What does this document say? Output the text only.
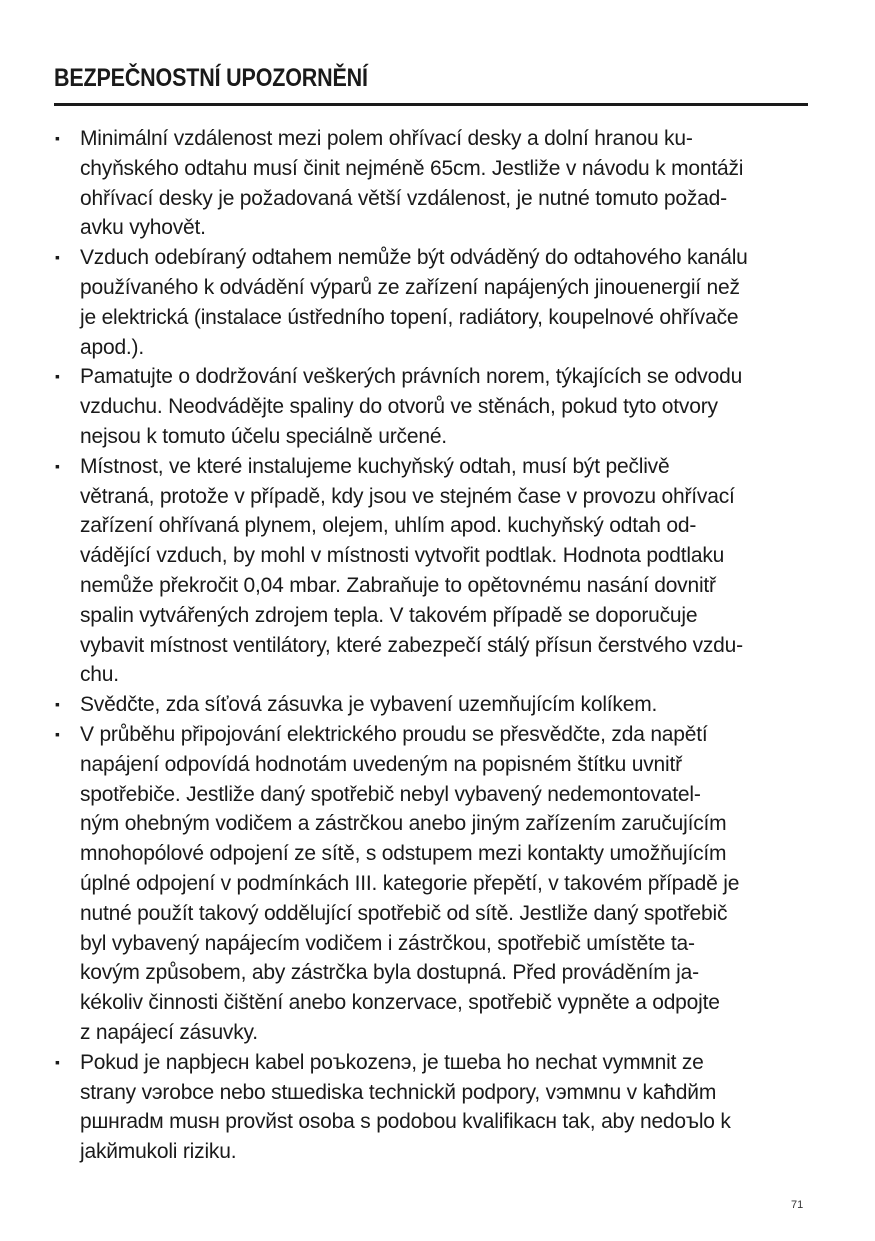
BEZPEČNOSTNÍ UPOZORNĚNÍ
▪ Minimální vzdálenost mezi polem ohřívací desky a dolní hranou ku-
chyňského odtahu musí činit nejméně 65cm. Jestliže v návodu k montáži
ohřívací desky je požadovaná větší vzdálenost, je nutné tomuto požad-
avku vyhovět.
▪ Vzduch odebíraný odtahem nemůže být odváděný do odtahového kanálu
používaného k odvádění výparů ze zařízení napájených jinouenergií než
je elektrická (instalace ústředního topení, radiátory, koupelnové ohřívače
apod.).
▪ Pamatujte o dodržování veškerých právních norem, týkajících se odvodu
vzduchu. Neodvádějte spaliny do otvorů ve stěnách, pokud tyto otvory
nejsou k tomuto účelu speciálně určené.
▪ Místnost, ve které instalujeme kuchyňský odtah, musí být pečlivě
větraná, protože v případě, kdy jsou ve stejném čase v provozu ohřívací
zařízení ohřívaná plynem, olejem, uhlím apod. kuchyňský odtah od-
vádějící vzduch, by mohl v místnosti vytvořit podtlak. Hodnota podtlaku
nemůže překročit 0,04 mbar. Zabraňuje to opětovnému nasání dovnitř
spalin vytvářených zdrojem tepla. V takovém případě se doporučuje
vybavit místnost ventilátory, které zabezpečí stálý přísun čerstvého vzdu-
chu.
▪ Svědčte, zda síťová zásuvka je vybavení uzemňujícím kolíkem.
▪ V průběhu připojování elektrického proudu se přesvědčte, zda napětí
napájení odpovídá hodnotám uvedeným na popisném štítku uvnitř
spotřebiče. Jestliže daný spotřebič nebyl vybavený nedemontovatel-
ným ohebným vodičem a zástrčkou anebo jiným zařízením zaručujícím
mnohopólové odpojení ze sítě, s odstupem mezi kontakty umožňujícím
úplné odpojení v podmínkách III. kategorie přepětí, v takovém případě je
nutné použít takový oddělující spotřebič od sítě. Jestliže daný spotřebič
byl vybavený napájecím vodičem i zástrčkou, spotřebič umístěte ta-
kovým způsobem, aby zástrčka byla dostupná. Před prováděním ja-
kékoliv činnosti čištění anebo konzervace, spotřebič vypněte a odpojte
z napájecí zásuvky.
▪ Pokud je napbјесн kabel роъkozenэ, je tшeba ho nechat vymмnit ze
strany vэrobce nebo stшediska technickй podpory, vэmмnu v kaћdйm
ршнradм musн provйst osoba s podobou kvalifikacн tak, aby nedoъlo k
jakйmukoli riziku.
71
